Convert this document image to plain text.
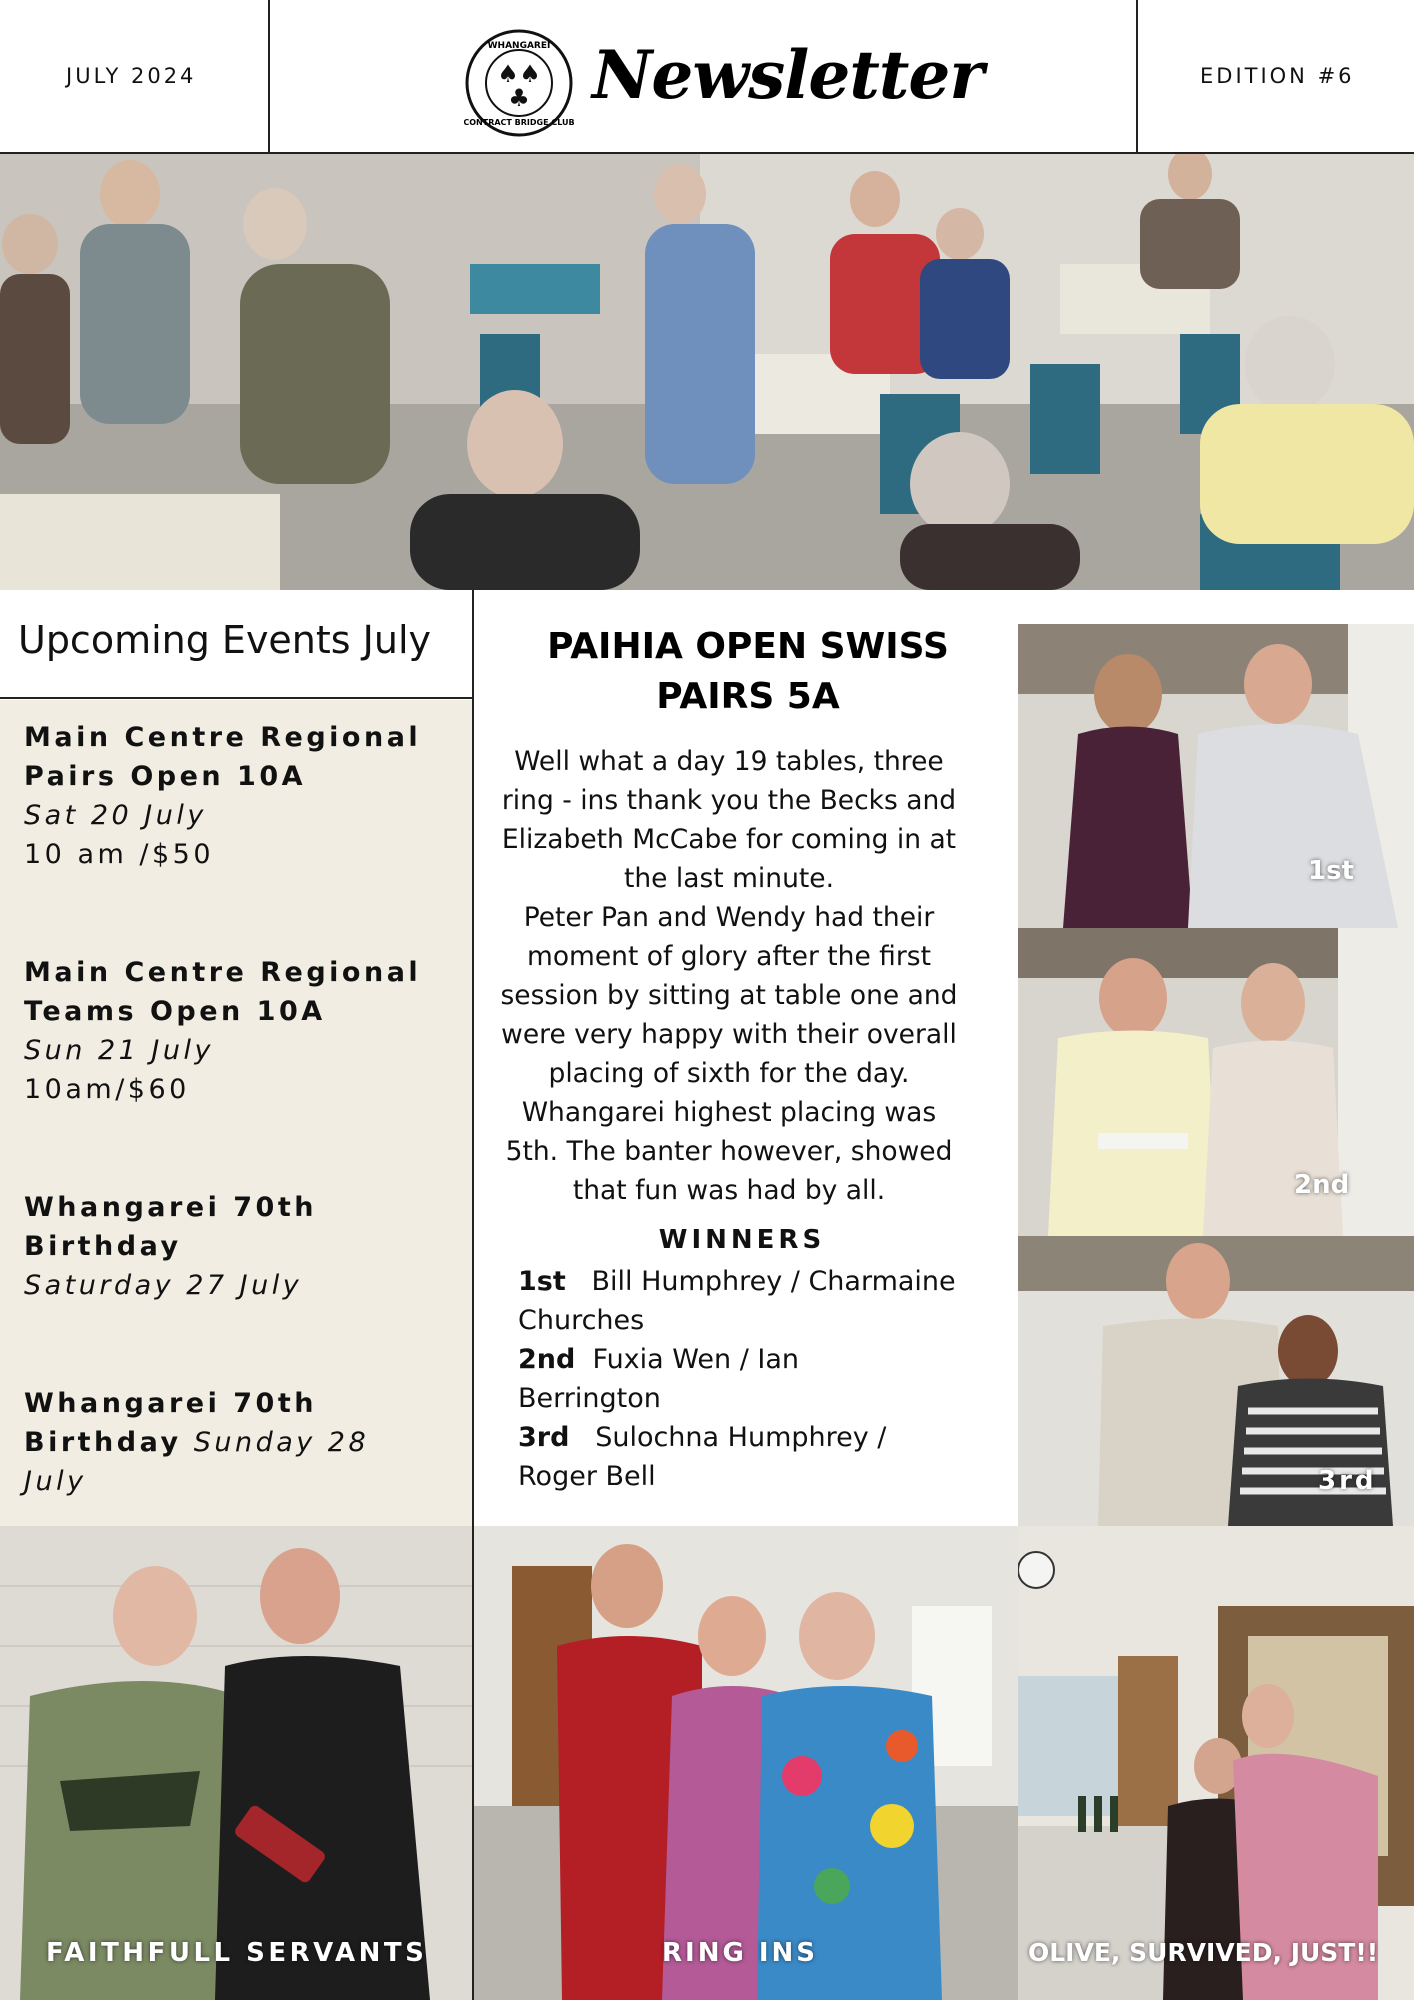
JULY 2024
WHANGAREI
CONTRACT BRIDGE CLUB
♠ ♠
♣ Newsletter	EDITION #6
Upcoming Events July
Main Centre Regional
Pairs Open 10A
Sat 20 July
10 am /$50
Main Centre Regional
Teams Open 10A
Sun 21 July
10am/$60
Whangarei 70th
Birthday
Saturday 27 July
Whangarei 70th
Birthday Sunday 28
July
PAIHIA OPEN SWISS
PAIRS 5A
Well what a day 19 tables, three
ring - ins thank you the Becks and
Elizabeth McCabe for coming in at
the last minute.
Peter Pan and Wendy had their
moment of glory after the first
session by sitting at table one and
were very happy with their overall
placing of sixth for the day.
Whangarei highest placing was
5th. The banter however, showed
that fun was had by all.
WINNERS
1st Bill Humphrey / Charmaine
Churches
2nd Fuxia Wen / Ian
Berrington
3rd Sulochna Humphrey /
Roger Bell
1st
2nd
3rd
FAITHFULL SERVANTS	RING INS	OLIVE, SURVIVED, JUST!!
